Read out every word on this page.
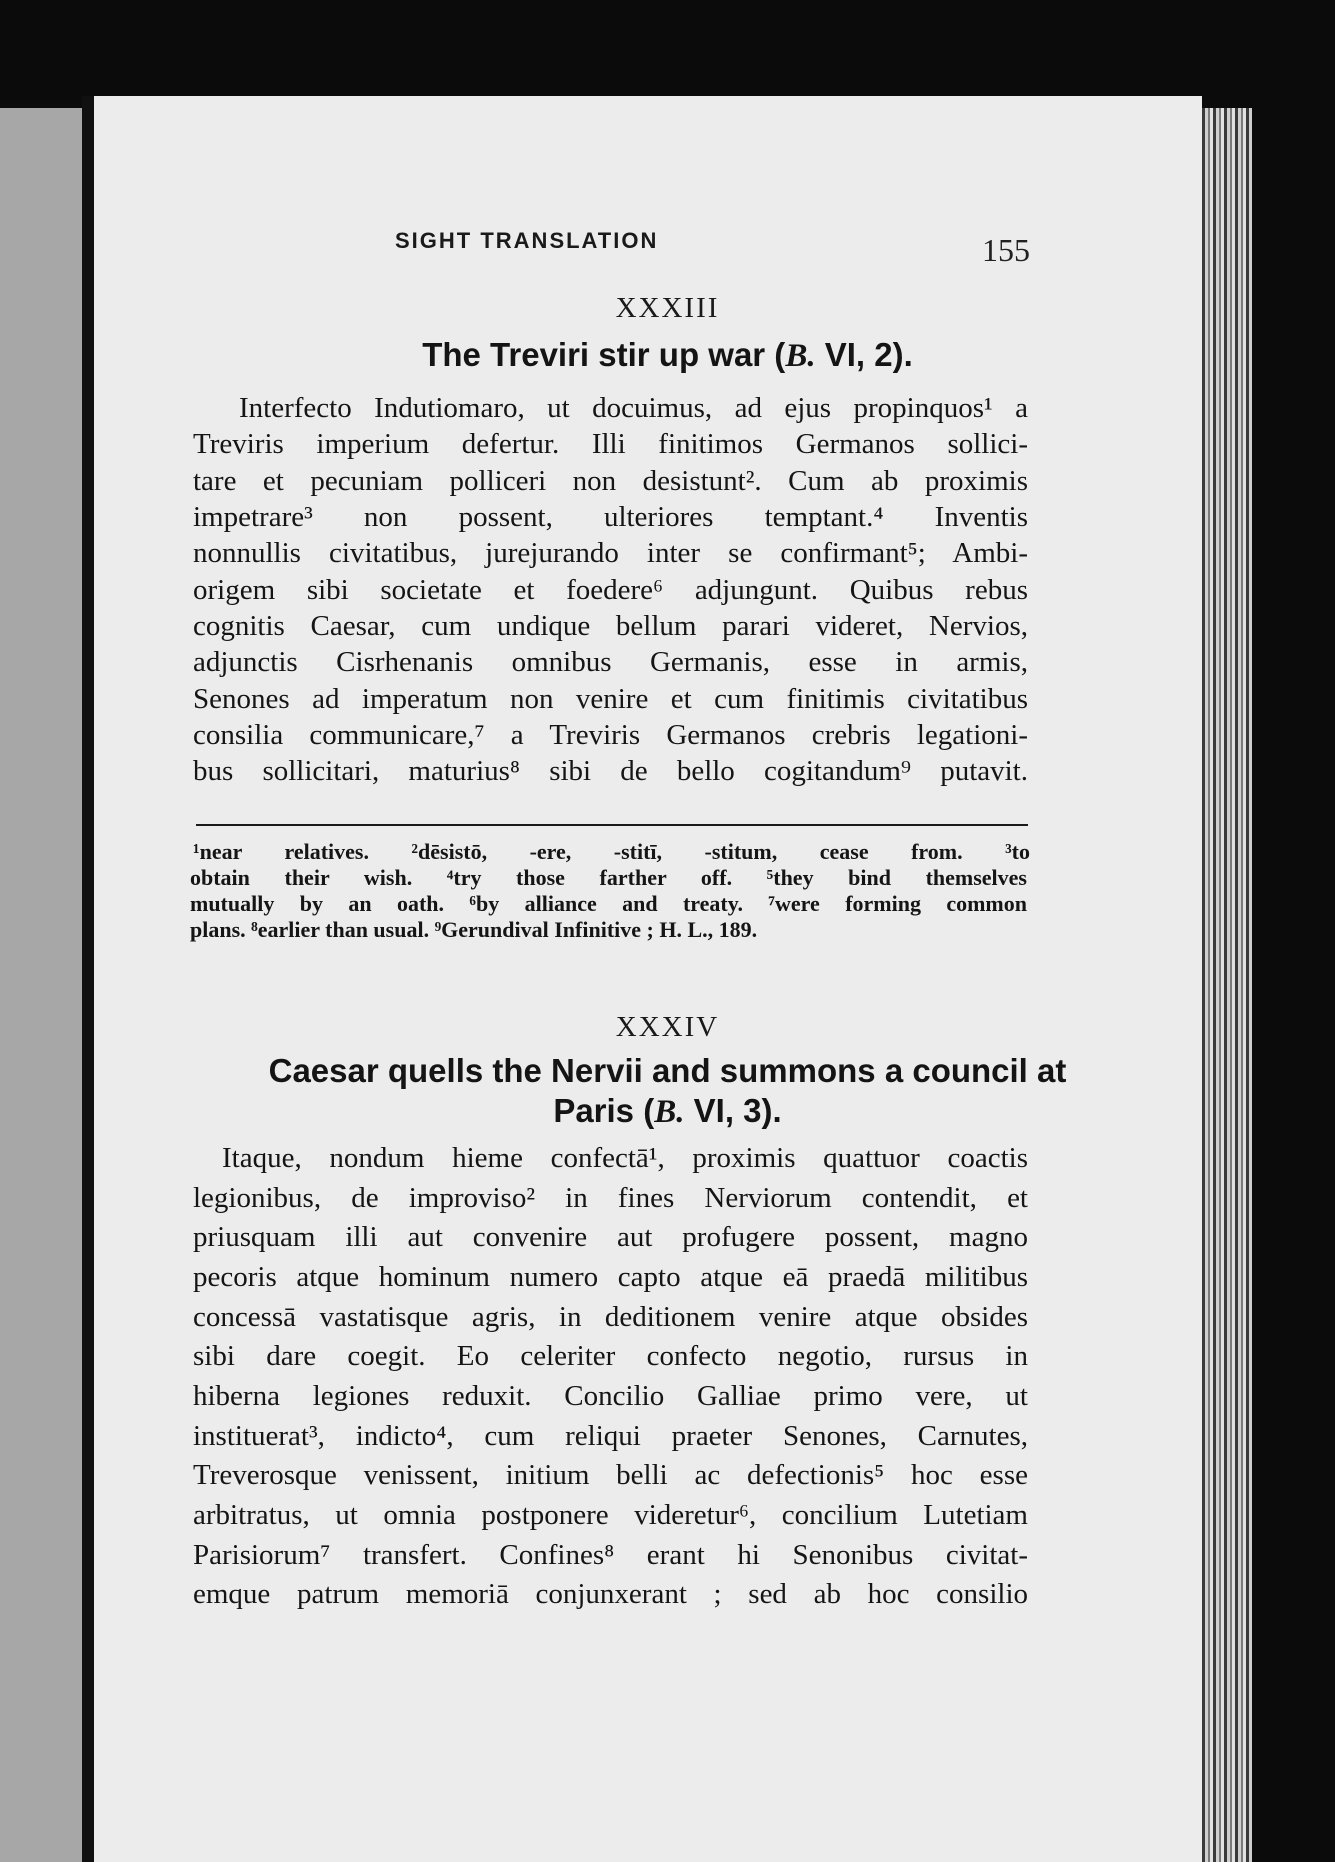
SIGHT TRANSLATION	155
XXXIII
The Treviri stir up war (B. VI, 2).
Interfecto Indutiomaro, ut docuimus, ad ejus propinquos¹ a
Treviris imperium defertur. Illi finitimos Germanos sollici-
tare et pecuniam polliceri non desistunt². Cum ab proximis
impetrare³ non possent, ulteriores temptant.⁴ Inventis
nonnullis civitatibus, jurejurando inter se confirmant⁵; Ambi-
origem sibi societate et foedere⁶ adjungunt. Quibus rebus
cognitis Caesar, cum undique bellum parari videret, Nervios,
adjunctis Cisrhenanis omnibus Germanis, esse in armis,
Senones ad imperatum non venire et cum finitimis civitatibus
consilia communicare,⁷ a Treviris Germanos crebris legationi-
bus sollicitari, maturius⁸ sibi de bello cogitandum⁹ putavit.
¹near relatives. ²dēsistō, -ere, -stitī, -stitum, cease from. ³to
obtain their wish. ⁴try those farther off. ⁵they bind themselves
mutually by an oath. ⁶by alliance and treaty. ⁷were forming common
plans. ⁸earlier than usual. ⁹Gerundival Infinitive ; H. L., 189.
XXXIV
Caesar quells the Nervii and summons a council at
Paris (B. VI, 3).
Itaque, nondum hieme confectā¹, proximis quattuor coactis
legionibus, de improviso² in fines Nerviorum contendit, et
priusquam illi aut convenire aut profugere possent, magno
pecoris atque hominum numero capto atque eā praedā militibus
concessā vastatisque agris, in deditionem venire atque obsides
sibi dare coegit. Eo celeriter confecto negotio, rursus in
hiberna legiones reduxit. Concilio Galliae primo vere, ut
instituerat³, indicto⁴, cum reliqui praeter Senones, Carnutes,
Treverosque venissent, initium belli ac defectionis⁵ hoc esse
arbitratus, ut omnia postponere videretur⁶, concilium Lutetiam
Parisiorum⁷ transfert. Confines⁸ erant hi Senonibus civitat-
emque patrum memoriā conjunxerant ; sed ab hoc consilio
